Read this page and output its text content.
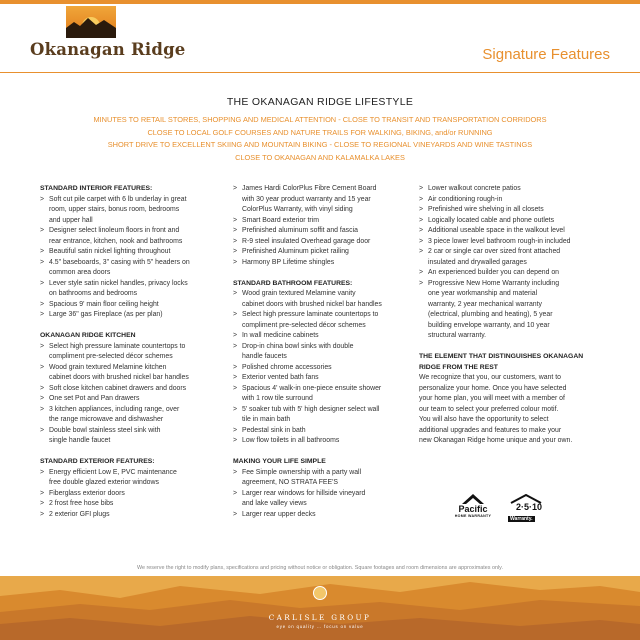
Okanagan Ridge	Signature Features
THE OKANAGAN RIDGE LIFESTYLE
MINUTES TO RETAIL STORES, SHOPPING AND MEDICAL ATTENTION - CLOSE TO TRANSIT AND TRANSPORTATION CORRIDORS
CLOSE TO LOCAL GOLF COURSES AND NATURE TRAILS FOR WALKING, BIKING, and/or RUNNING
SHORT DRIVE TO EXCELLENT SKIING AND MOUNTAIN BIKING - CLOSE TO REGIONAL VINEYARDS AND WINE TASTINGS
CLOSE TO OKANAGAN AND KALAMALKA LAKES
STANDARD INTERIOR FEATURES:
> Soft cut pile carpet with 6 lb underlay in great
room, upper stairs, bonus room, bedrooms
and upper hall
> Designer select linoleum floors in front and
rear entrance, kitchen, nook and bathrooms
> Beautiful satin nickel lighting throughout
> 4.5" baseboards, 3" casing with 5" headers on
common area doors
> Lever style satin nickel handles, privacy locks
on bathrooms and bedrooms
> Spacious 9' main floor ceiling height
> Large 36" gas Fireplace (as per plan)
OKANAGAN RIDGE KITCHEN
> Select high pressure laminate countertops to
compliment pre-selected décor schemes
> Wood grain textured Melamine kitchen
cabinet doors with brushed nickel bar handles
> Soft close kitchen cabinet drawers and doors
> One set Pot and Pan drawers
> 3 kitchen appliances, including range, over
the range microwave and dishwasher
> Double bowl stainless steel sink with
single handle faucet
STANDARD EXTERIOR FEATURES:
> Energy efficient Low E, PVC maintenance
free double glazed exterior windows
> Fiberglass exterior doors
> 2 frost free hose bibs
> 2 exterior GFI plugs
> James Hardi ColorPlus Fibre Cement Board
with 30 year product warranty and 15 year
ColorPlus Warranty, with vinyl siding
> Smart Board exterior trim
> Prefinished aluminum soffit and fascia
> R-9 steel insulated Overhead garage door
> Prefinished Aluminum picket railing
> Harmony BP Lifetime shingles
STANDARD BATHROOM FEATURES:
> Wood grain textured Melamine vanity
cabinet doors with brushed nickel bar handles
> Select high pressure laminate countertops to
compliment pre-selected décor schemes
> In wall medicine cabinets
> Drop-in china bowl sinks with double
handle faucets
> Polished chrome accessories
> Exterior vented bath fans
> Spacious 4' walk-in one-piece ensuite shower
with 1 row tile surround
> 5' soaker tub with 5' high designer select wall
tile in main bath
> Pedestal sink in bath
> Low flow toilets in all bathrooms
MAKING YOUR LIFE SIMPLE
> Fee Simple ownership with a party wall
agreement, NO STRATA FEE'S
> Larger rear windows for hillside vineyard
and lake valley views
> Larger rear upper decks
> Lower walkout concrete patios
> Air conditioning rough-in
> Prefinished wire shelving in all closets
> Logically located cable and phone outlets
> Additional useable space in the walkout level
> 3 piece lower level bathroom rough-in included
> 2 car or single car over sized front attached
insulated and drywalled garages
> An experienced builder you can depend on
> Progressive New Home Warranty including
one year workmanship and material
warranty, 2 year mechanical warranty
(electrical, plumbing and heating), 5 year
building envelope warranty, and 10 year
structural warranty.
THE ELEMENT THAT DISTINGUISHES OKANAGAN
RIDGE FROM THE REST
We recognize that you, our customers, want to
personalize your home. Once you have selected
your home plan, you will meet with a member of
our team to select your preferred colour motif.
You will also have the opportunity to select
additional upgrades and features to make your
new Okanagan Ridge home unique and your own.
Pacific
HOME WARRANTY
2·5·10
Warranty.
We reserve the right to modify plans, specifications and pricing without notice or obligation. Square footages and room dimensions are approximates only.
CARLISLE GROUP
eye on quality … focus on value
